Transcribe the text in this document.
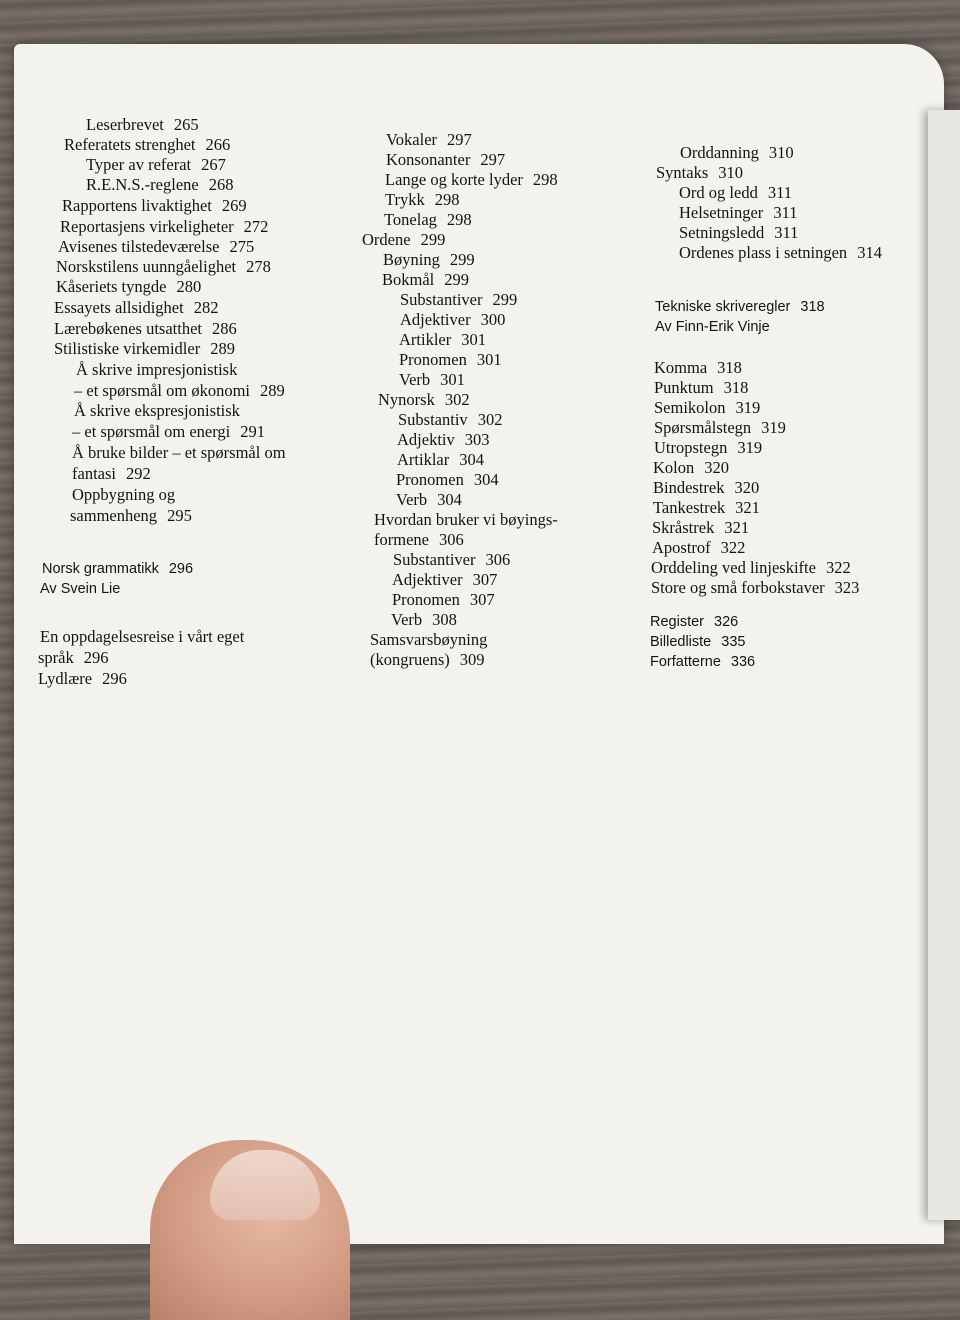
Leserbrevet 265
Referatets strenghet 266
Typer av referat 267
R.E.N.S.-reglene 268
Rapportens livaktighet 269
Reportasjens virkeligheter 272
Avisenes tilstedeværelse 275
Norskstilens uunngåelighet 278
Kåseriets tyngde 280
Essayets allsidighet 282
Lærebøkenes utsatthet 286
Stilistiske virkemidler 289
Å skrive impresjonistisk
– et spørsmål om økonomi 289
Å skrive ekspresjonistisk
– et spørsmål om energi 291
Å bruke bilder – et spørsmål om
fantasi 292
Oppbygning og
sammenheng 295
Norsk grammatikk 296
Av Svein Lie
En oppdagelsesreise i vårt eget
språk 296
Lydlære 296
Vokaler 297
Konsonanter 297
Lange og korte lyder 298
Trykk 298
Tonelag 298
Ordene 299
Bøyning 299
Bokmål 299
Substantiver 299
Adjektiver 300
Artikler 301
Pronomen 301
Verb 301
Nynorsk 302
Substantiv 302
Adjektiv 303
Artiklar 304
Pronomen 304
Verb 304
Hvordan bruker vi bøyings-
formene 306
Substantiver 306
Adjektiver 307
Pronomen 307
Verb 308
Samsvarsbøyning
(kongruens) 309
Orddanning 310
Syntaks 310
Ord og ledd 311
Helsetninger 311
Setningsledd 311
Ordenes plass i setningen 314
Tekniske skriveregler 318
Av Finn-Erik Vinje
Komma 318
Punktum 318
Semikolon 319
Spørsmålstegn 319
Utropstegn 319
Kolon 320
Bindestrek 320
Tankestrek 321
Skråstrek 321
Apostrof 322
Orddeling ved linjeskifte 322
Store og små forbokstaver 323
Register 326
Billedliste 335
Forfatterne 336
